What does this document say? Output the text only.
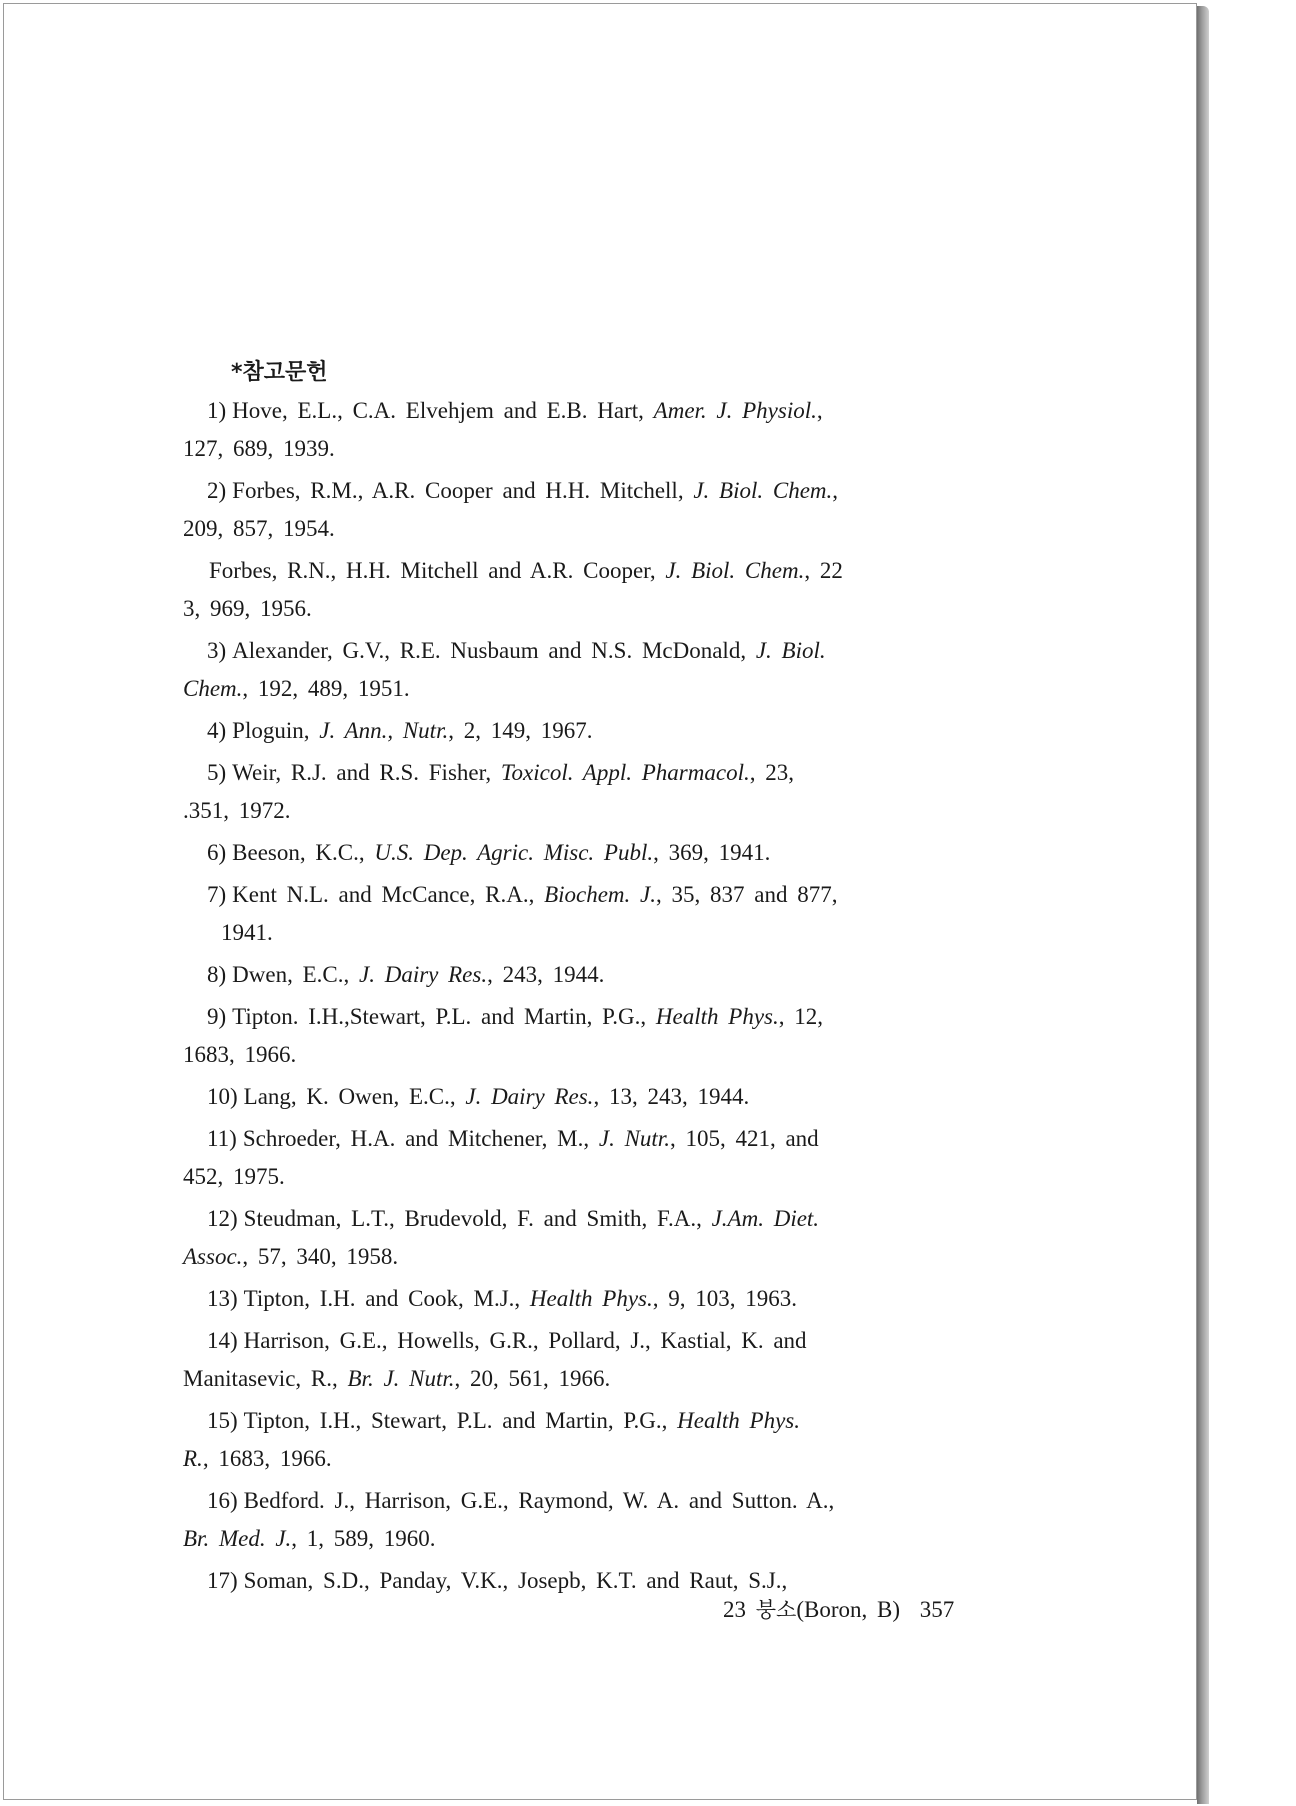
*참고문헌
1) Hove, E.L., C.A. Elvehjem and E.B. Hart, Amer. J. Physiol.,
127, 689, 1939.
2) Forbes, R.M., A.R. Cooper and H.H. Mitchell, J. Biol. Chem.,
209, 857, 1954.
Forbes, R.N., H.H. Mitchell and A.R. Cooper, J. Biol. Chem., 22
3, 969, 1956.
3) Alexander, G.V., R.E. Nusbaum and N.S. McDonald, J. Biol.
Chem., 192, 489, 1951.
4) Ploguin, J. Ann., Nutr., 2, 149, 1967.
5) Weir, R.J. and R.S. Fisher, Toxicol. Appl. Pharmacol., 23,
.351, 1972.
6) Beeson, K.C., U.S. Dep. Agric. Misc. Publ., 369, 1941.
7) Kent N.L. and McCance, R.A., Biochem. J., 35, 837 and 877,
1941.
8) Dwen, E.C., J. Dairy Res., 243, 1944.
9) Tipton. I.H.,Stewart, P.L. and Martin, P.G., Health Phys., 12,
1683, 1966.
10) Lang, K. Owen, E.C., J. Dairy Res., 13, 243, 1944.
11) Schroeder, H.A. and Mitchener, M., J. Nutr., 105, 421, and
452, 1975.
12) Steudman, L.T., Brudevold, F. and Smith, F.A., J.Am. Diet.
Assoc., 57, 340, 1958.
13) Tipton, I.H. and Cook, M.J., Health Phys., 9, 103, 1963.
14) Harrison, G.E., Howells, G.R., Pollard, J., Kastial, K. and
Manitasevic, R., Br. J. Nutr., 20, 561, 1966.
15) Tipton, I.H., Stewart, P.L. and Martin, P.G., Health Phys.
R., 1683, 1966.
16) Bedford. J., Harrison, G.E., Raymond, W. A. and Sutton. A.,
Br. Med. J., 1, 589, 1960.
17) Soman, S.D., Panday, V.K., Josepb, K.T. and Raut, S.J.,
23 붕소(Boron, B) 357
